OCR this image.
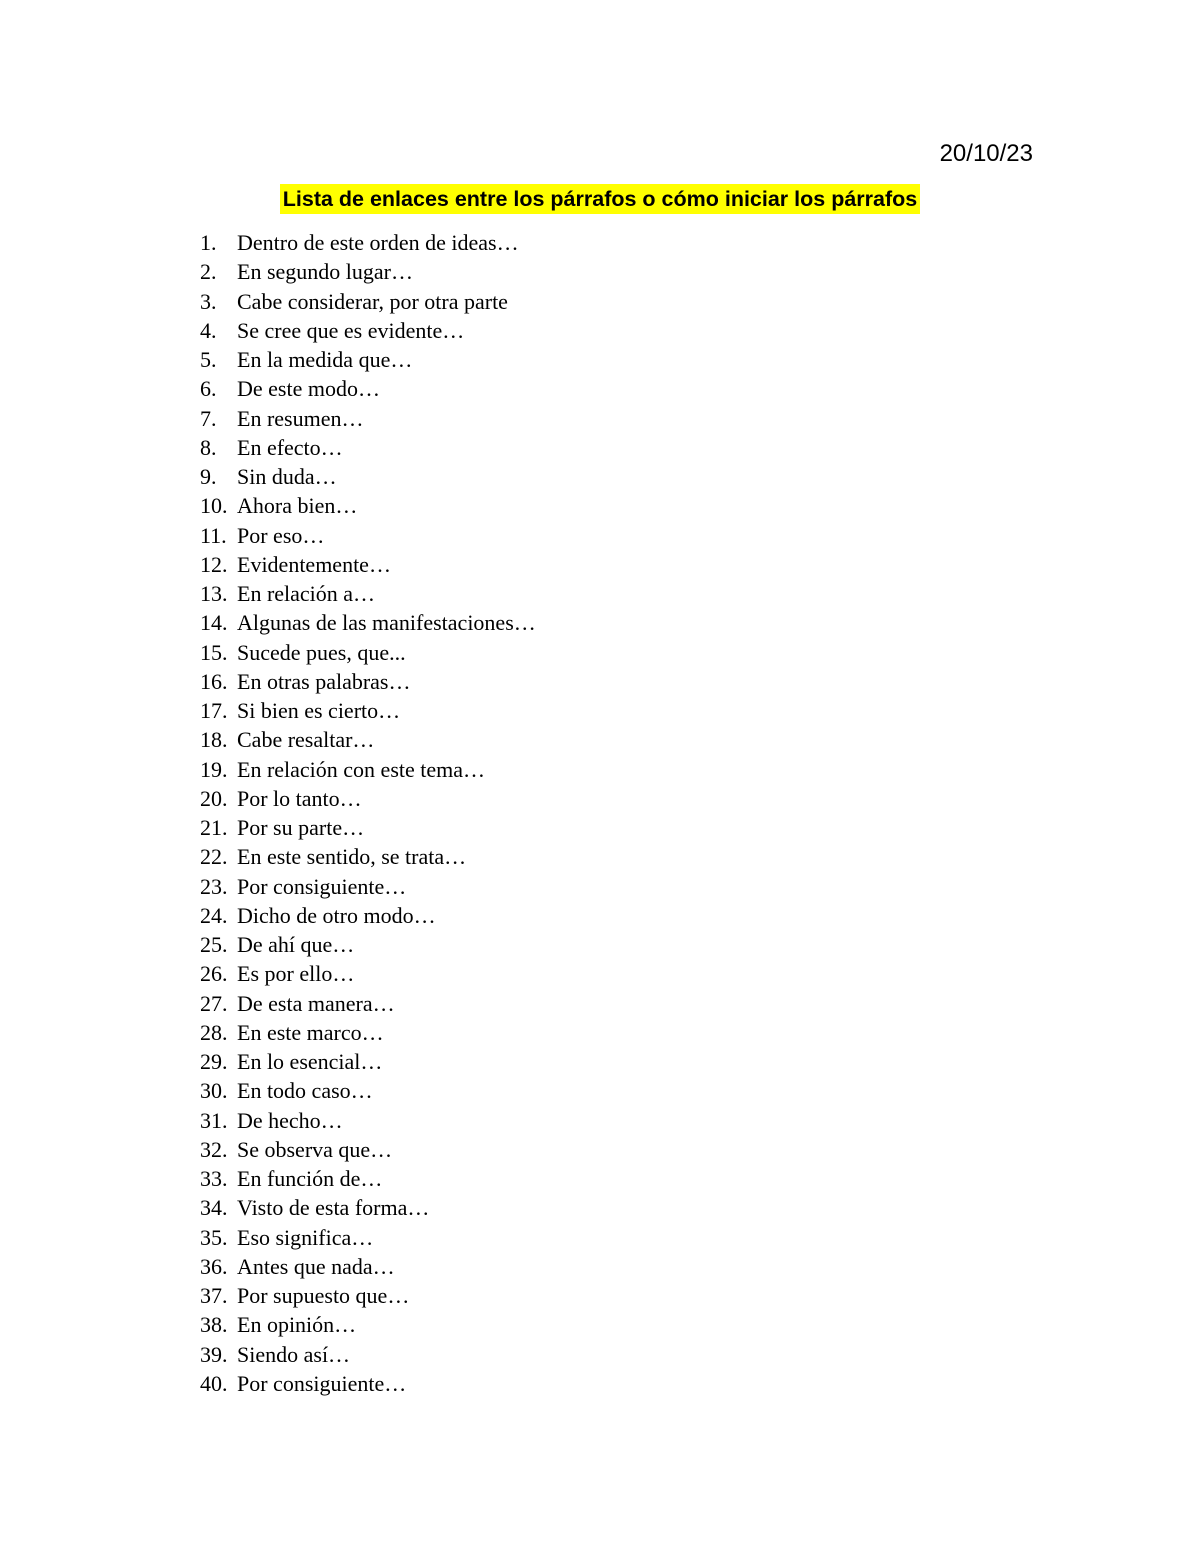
20/10/23
Lista de enlaces entre los párrafos o cómo iniciar los párrafos
1. Dentro de este orden de ideas…
2. En segundo lugar…
3. Cabe considerar, por otra parte
4. Se cree que es evidente…
5. En la medida que…
6. De este modo…
7. En resumen…
8. En efecto…
9. Sin duda…
10. Ahora bien…
11. Por eso…
12. Evidentemente…
13. En relación a…
14. Algunas de las manifestaciones…
15. Sucede pues, que...
16. En otras palabras…
17. Si bien es cierto…
18. Cabe resaltar…
19. En relación con este tema…
20. Por lo tanto…
21. Por su parte…
22. En este sentido, se trata…
23. Por consiguiente…
24. Dicho de otro modo…
25. De ahí que…
26. Es por ello…
27. De esta manera…
28. En este marco…
29. En lo esencial…
30. En todo caso…
31. De hecho…
32. Se observa que…
33. En función de…
34. Visto de esta forma…
35. Eso significa…
36. Antes que nada…
37. Por supuesto que…
38. En opinión…
39. Siendo así…
40. Por consiguiente…
